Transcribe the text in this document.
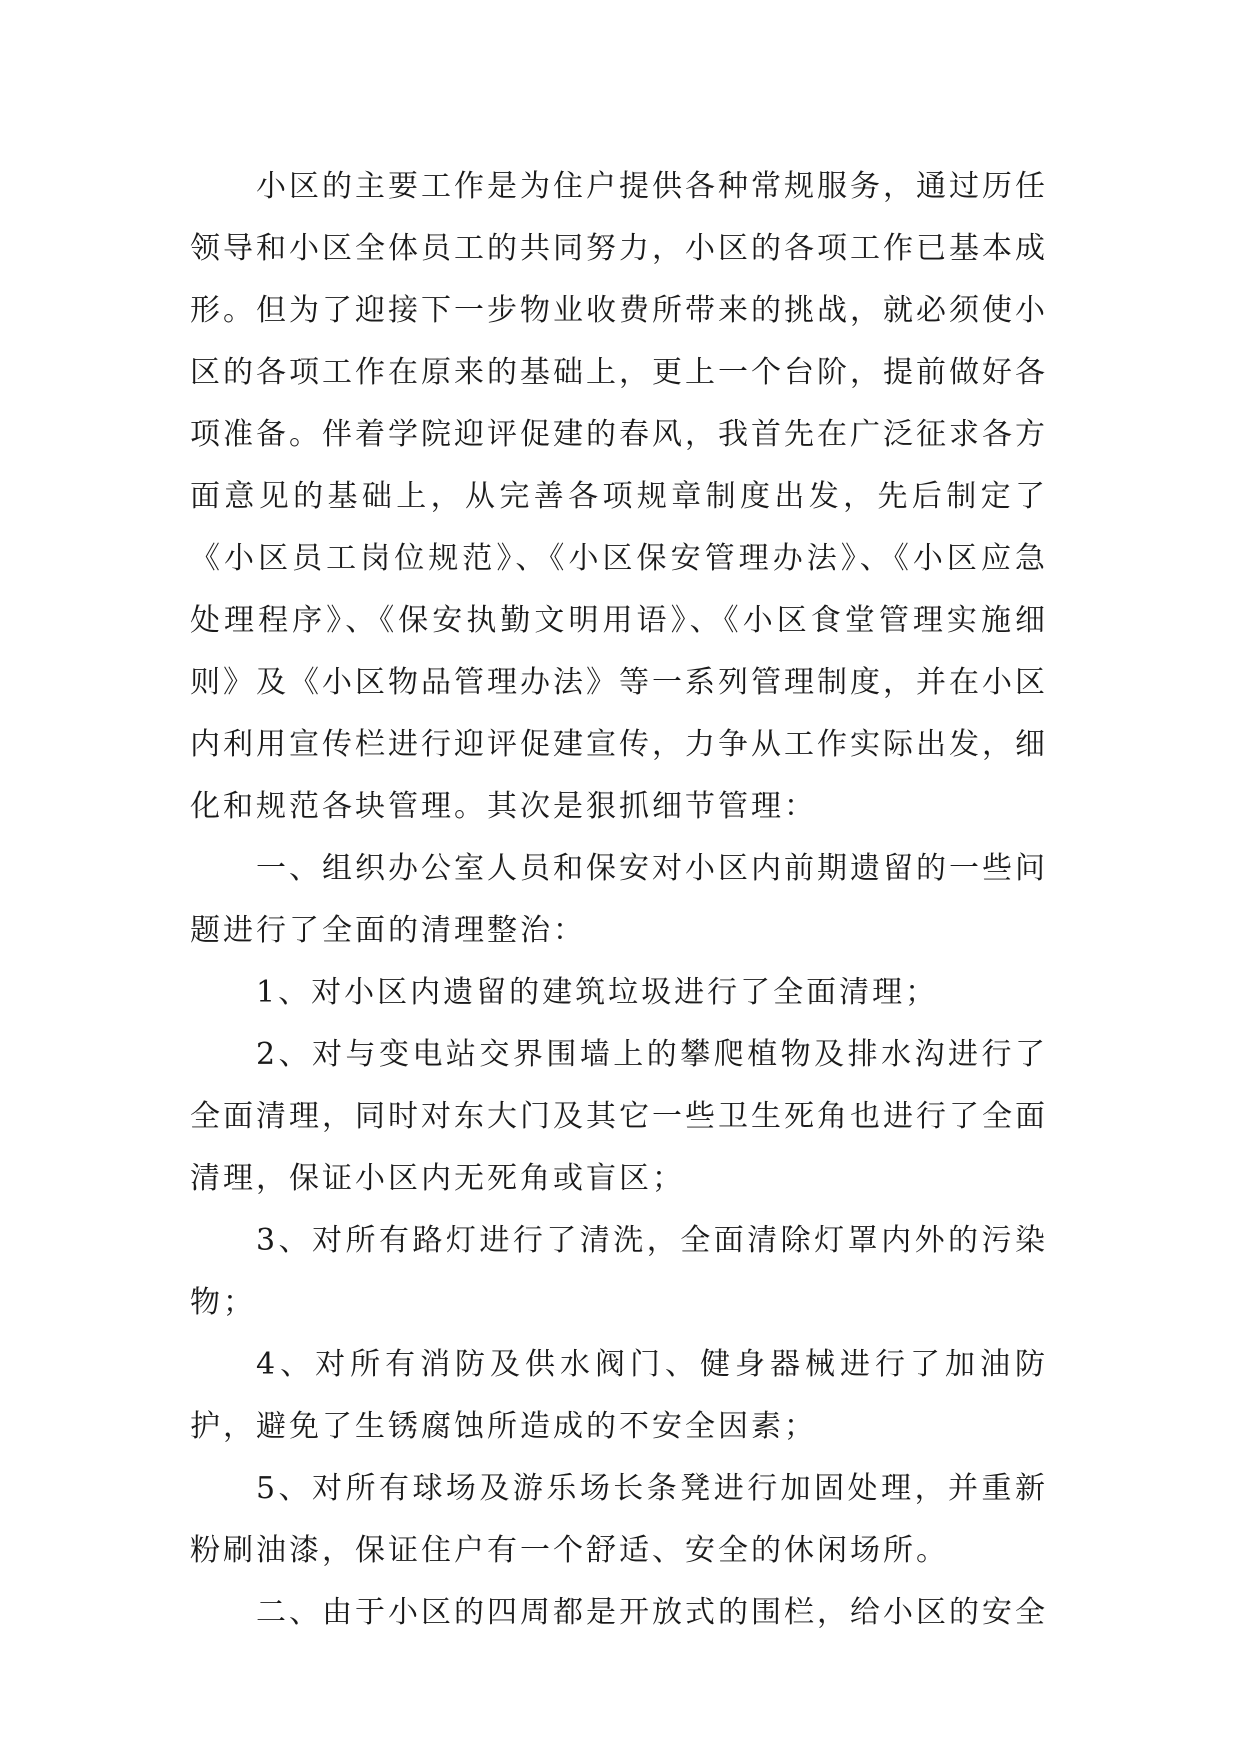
小区的主要工作是为住户提供各种常规服务，通过历任领导和小区全体员工的共同努力，小区的各项工作已基本成形。但为了迎接下一步物业收费所带来的挑战，就必须使小区的各项工作在原来的基础上，更上一个台阶，提前做好各项准备。伴着学院迎评促建的春风，我首先在广泛征求各方面意见的基础上，从完善各项规章制度出发，先后制定了《小区员工岗位规范》、《小区保安管理办法》、《小区应急处理程序》、《保安执勤文明用语》、《小区食堂管理实施细则》及《小区物品管理办法》等一系列管理制度，并在小区内利用宣传栏进行迎评促建宣传，力争从工作实际出发，细化和规范各块管理。其次是狠抓细节管理：

一、组织办公室人员和保安对小区内前期遗留的一些问题进行了全面的清理整治：

1、对小区内遗留的建筑垃圾进行了全面清理；

2、对与变电站交界围墙上的攀爬植物及排水沟进行了全面清理，同时对东大门及其它一些卫生死角也进行了全面清理，保证小区内无死角或盲区；

3、对所有路灯进行了清洗，全面清除灯罩内外的污染物；

4、对所有消防及供水阀门、健身器械进行了加油防护，避免了生锈腐蚀所造成的不安全因素；

5、对所有球场及游乐场长条凳进行加固处理，并重新粉刷油漆，保证住户有一个舒适、安全的休闲场所。

二、由于小区的四周都是开放式的围栏，给小区的安全
